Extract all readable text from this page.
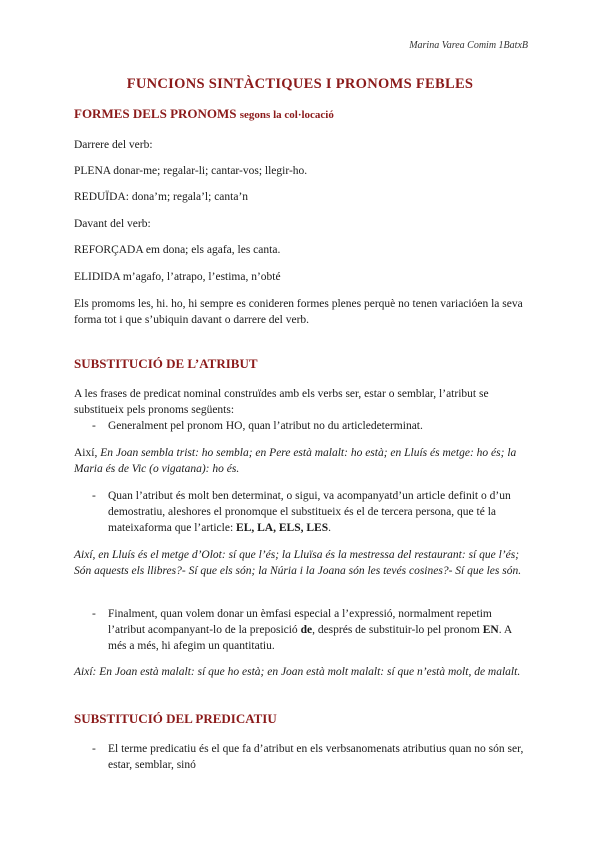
Marina Varea Comim 1BatxB
FUNCIONS SINTÀCTIQUES I PRONOMS FEBLES
FORMES DELS PRONOMS segons la col·locació
Darrere del verb:
PLENA donar-me; regalar-li; cantar-vos; llegir-ho.
REDUÏDA: dona’m; regala’l; canta’n
Davant del verb:
REFORÇADA em dona; els agafa, les canta.
ELIDIDA m’agafo, l’atrapo, l’estima, n’obté
Els promoms les, hi. ho, hi sempre es conideren formes plenes perquè no tenen variacióen la seva forma tot i que s’ubiquin davant o darrere del verb.
SUBSTITUCIÓ DE L’ATRIBUT
A les frases de predicat nominal construïdes amb els verbs ser, estar o semblar, l’atribut se substitueix pels pronoms següents:
- Generalment pel pronom HO, quan l’atribut no du articledeterminat.
Així, En Joan sembla trist: ho sembla; en Pere està malalt: ho està; en Lluís és metge: ho és; la Maria és de Vic (o vigatana): ho és.
- Quan l’atribut és molt ben determinat, o sigui, va acompanyatd’un article definit o d’un demostratiu, aleshores el pronomque el substitueix és el de tercera persona, que té la mateixaforma que l’article: EL, LA, ELS, LES.
Així, en Lluís és el metge d’Olot: sí que l’és; la Lluïsa és la mestressa del restaurant: sí que l’és; Són aquests els llibres?- Sí que els són; la Núria i la Joana són les tevés cosines?- Sí que les són.
- Finalment, quan volem donar un èmfasi especial a l’expressió, normalment repetim l’atribut acompanyant-lo de la preposició de, després de substituir-lo pel pronom EN. A més a més, hi afegim un quantitatiu.
Així: En Joan està malalt: sí que ho està; en Joan està molt malalt: sí que n’està molt, de malalt.
SUBSTITUCIÓ DEL PREDICATIU
- El terme predicatiu és el que fa d’atribut en els verbsanomenats atributius quan no són ser, estar, semblar, sinó
